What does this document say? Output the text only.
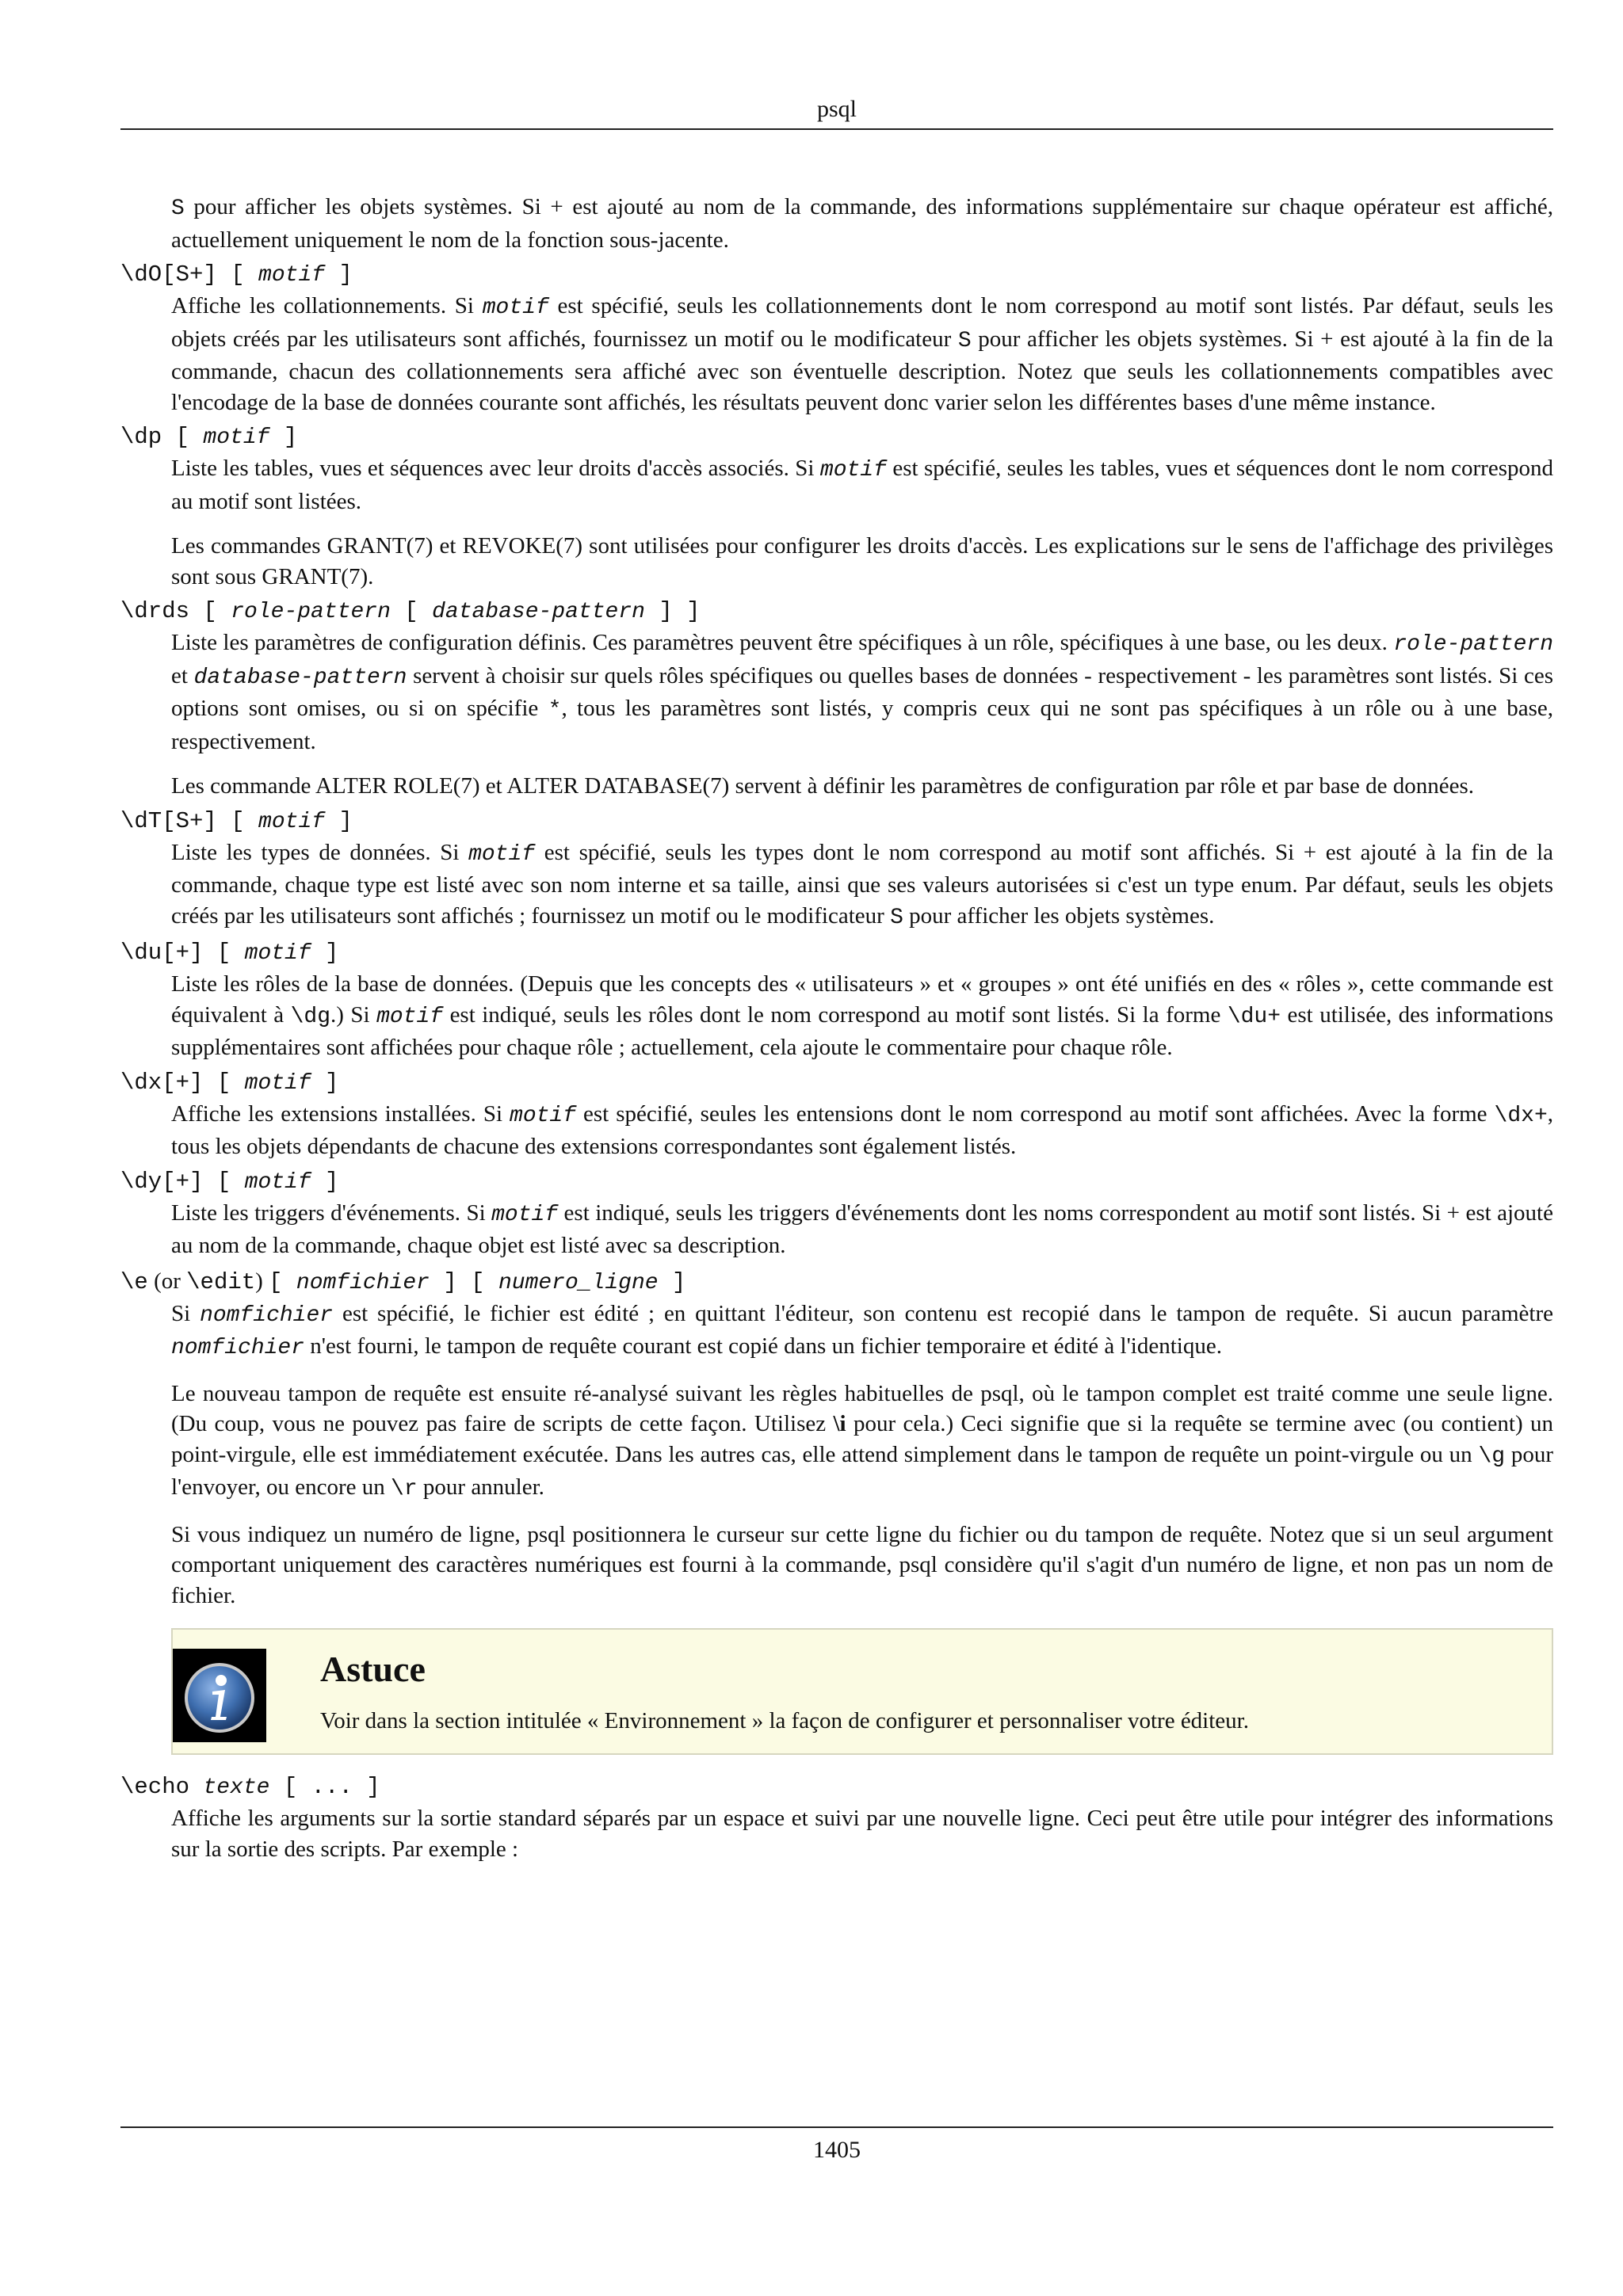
psql

S pour afficher les objets systèmes. Si + est ajouté au nom de la commande, des informations supplémentaire sur chaque opérateur est affiché, actuellement uniquement le nom de la fonction sous-jacente.

\dO[S+] [ motif ]

Affiche les collationnements. Si motif est spécifié, seuls les collationnements dont le nom correspond au motif sont listés. Par défaut, seuls les objets créés par les utilisateurs sont affichés, fournissez un motif ou le modificateur S pour afficher les objets systèmes. Si + est ajouté à la fin de la commande, chacun des collationnements sera affiché avec son éventuelle description. Notez que seuls les collationnements compatibles avec l'encodage de la base de données courante sont affichés, les résultats peuvent donc varier selon les différentes bases d'une même instance.

\dp [ motif ]

Liste les tables, vues et séquences avec leur droits d'accès associés. Si motif est spécifié, seules les tables, vues et séquences dont le nom correspond au motif sont listées.

Les commandes GRANT(7) et REVOKE(7) sont utilisées pour configurer les droits d'accès. Les explications sur le sens de l'affichage des privilèges sont sous GRANT(7).

\drds [ role-pattern [ database-pattern ] ]

Liste les paramètres de configuration définis. Ces paramètres peuvent être spécifiques à un rôle, spécifiques à une base, ou les deux. role-pattern et database-pattern servent à choisir sur quels rôles spécifiques ou quelles bases de données - respectivement - les paramètres sont listés. Si ces options sont omises, ou si on spécifie *, tous les paramètres sont listés, y compris ceux qui ne sont pas spécifiques à un rôle ou à une base, respectivement.

Les commande ALTER ROLE(7) et ALTER DATABASE(7) servent à définir les paramètres de configuration par rôle et par base de données.

\dT[S+] [ motif ]

Liste les types de données. Si motif est spécifié, seuls les types dont le nom correspond au motif sont affichés. Si + est ajouté à la fin de la commande, chaque type est listé avec son nom interne et sa taille, ainsi que ses valeurs autorisées si c'est un type enum. Par défaut, seuls les objets créés par les utilisateurs sont affichés ; fournissez un motif ou le modificateur S pour afficher les objets systèmes.

\du[+] [ motif ]

Liste les rôles de la base de données. (Depuis que les concepts des « utilisateurs » et « groupes » ont été unifiés en des « rôles », cette commande est équivalent à \dg.) Si motif est indiqué, seuls les rôles dont le nom correspond au motif sont listés. Si la forme \du+ est utilisée, des informations supplémentaires sont affichées pour chaque rôle ; actuellement, cela ajoute le commentaire pour chaque rôle.

\dx[+] [ motif ]

Affiche les extensions installées. Si motif est spécifié, seules les entensions dont le nom correspond au motif sont affichées. Avec la forme \dx+, tous les objets dépendants de chacune des extensions correspondantes sont également listés.

\dy[+] [ motif ]

Liste les triggers d'événements. Si motif est indiqué, seuls les triggers d'événements dont les noms correspondent au motif sont listés. Si + est ajouté au nom de la commande, chaque objet est listé avec sa description.

\e (or \edit) [ nomfichier ] [ numero_ligne ]

Si nomfichier est spécifié, le fichier est édité ; en quittant l'éditeur, son contenu est recopié dans le tampon de requête. Si aucun paramètre nomfichier n'est fourni, le tampon de requête courant est copié dans un fichier temporaire et édité à l'identique.

Le nouveau tampon de requête est ensuite ré-analysé suivant les règles habituelles de psql, où le tampon complet est traité comme une seule ligne. (Du coup, vous ne pouvez pas faire de scripts de cette façon. Utilisez \i pour cela.) Ceci signifie que si la requête se termine avec (ou contient) un point-virgule, elle est immédiatement exécutée. Dans les autres cas, elle attend simplement dans le tampon de requête un point-virgule ou un \g pour l'envoyer, ou encore un \r pour annuler.

Si vous indiquez un numéro de ligne, psql positionnera le curseur sur cette ligne du fichier ou du tampon de requête. Notez que si un seul argument comportant uniquement des caractères numériques est fourni à la commande, psql considère qu'il s'agit d'un numéro de ligne, et non pas un nom de fichier.

Astuce
Voir dans la section intitulée « Environnement » la façon de configurer et personnaliser votre éditeur.
\echo texte [ ... ]

Affiche les arguments sur la sortie standard séparés par un espace et suivi par une nouvelle ligne. Ceci peut être utile pour intégrer des informations sur la sortie des scripts. Par exemple :

1405
